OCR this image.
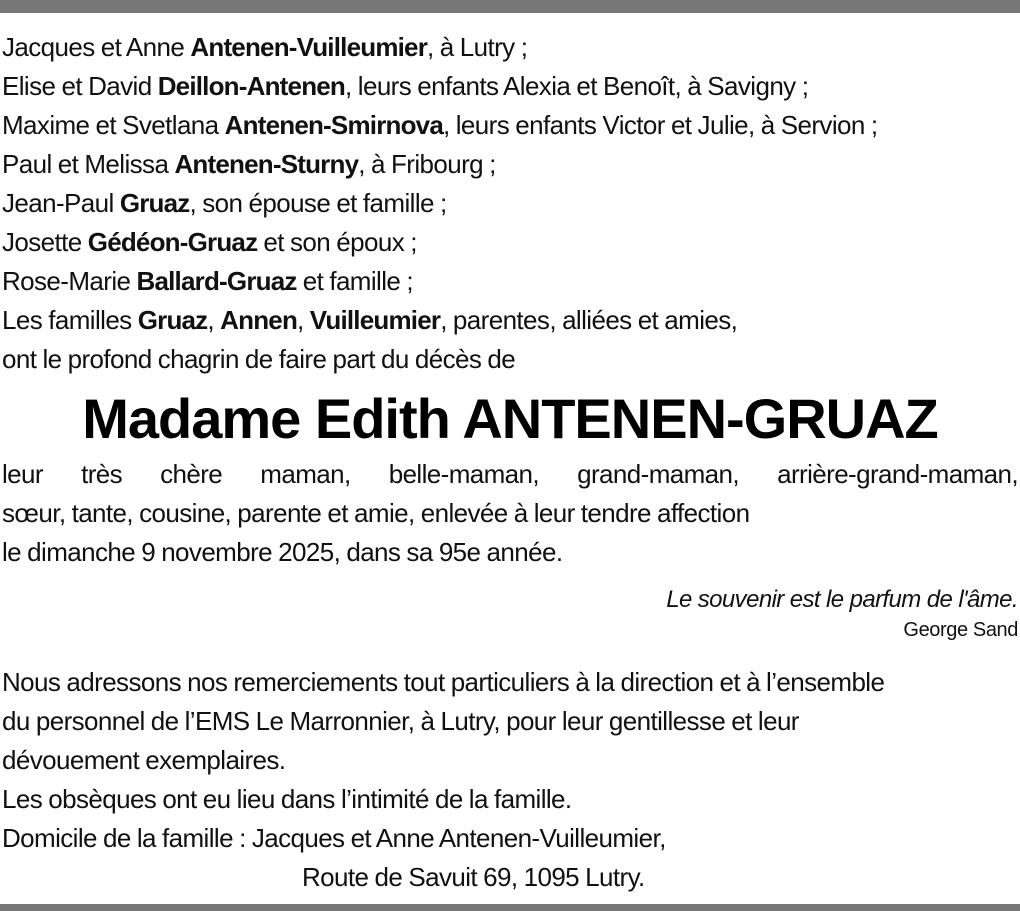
Jacques et Anne Antenen-Vuilleumier, à Lutry ;
Elise et David Deillon-Antenen, leurs enfants Alexia et Benoît, à Savigny ;
Maxime et Svetlana Antenen-Smirnova, leurs enfants Victor et Julie, à Servion ;
Paul et Melissa Antenen-Sturny, à Fribourg ;
Jean-Paul Gruaz, son épouse et famille ;
Josette Gédéon-Gruaz et son époux ;
Rose-Marie Ballard-Gruaz et famille ;
Les familles Gruaz, Annen, Vuilleumier, parentes, alliées et amies,
ont le profond chagrin de faire part du décès de
Madame Edith ANTENEN-GRUAZ
leur très chère maman, belle-maman, grand-maman, arrière-grand-maman,
sœur, tante, cousine, parente et amie, enlevée à leur tendre affection
le dimanche 9 novembre 2025, dans sa 95e année.
Le souvenir est le parfum de l'âme.
George Sand
Nous adressons nos remerciements tout particuliers à la direction et à l’ensemble
du personnel de l’EMS Le Marronnier, à Lutry, pour leur gentillesse et leur
dévouement exemplaires.
Les obsèques ont eu lieu dans l’intimité de la famille.
Domicile de la famille : Jacques et Anne Antenen-Vuilleumier,
Route de Savuit 69, 1095 Lutry.
